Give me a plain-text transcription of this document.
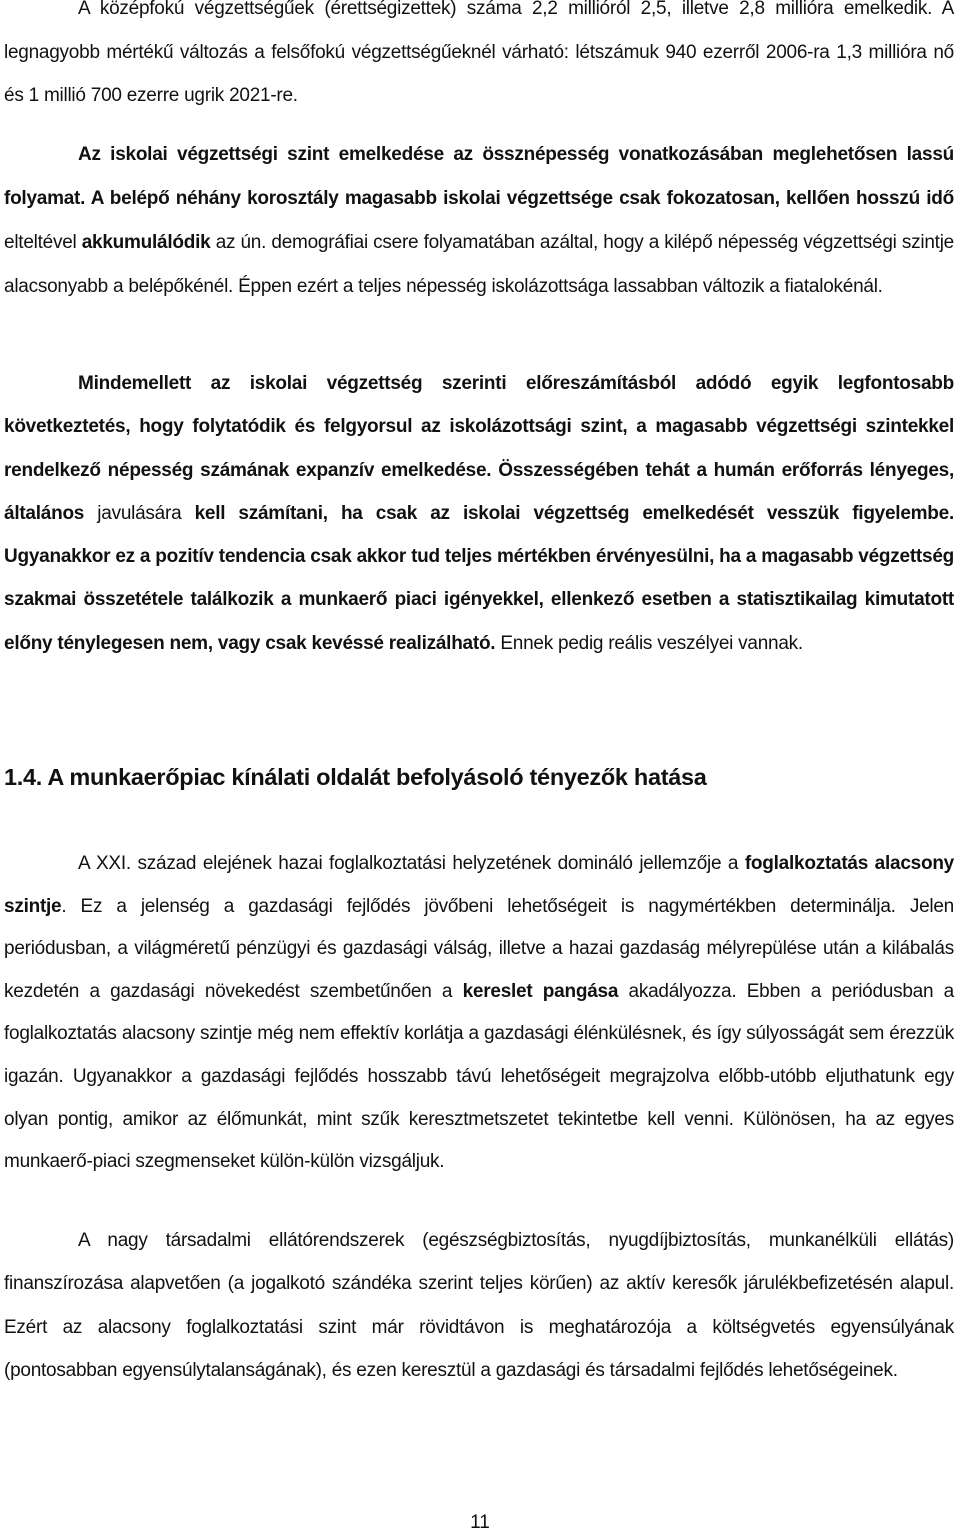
A középfokú végzettségűek (érettségizettek) száma 2,2 millióról 2,5, illetve 2,8 millióra emelkedik. A legnagyobb mértékű változás a felsőfokú végzettségűeknél várható: létszámuk 940 ezerről 2006-ra 1,3 millióra nő és 1 millió 700 ezerre ugrik 2021-re.

Az iskolai végzettségi szint emelkedése az össznépesség vonatkozásában meglehetősen lassú folyamat. A belépő néhány korosztály magasabb iskolai végzettsége csak fokozatosan, kellően hosszú idő elteltével akkumulálódik az ún. demográfiai csere folyamatában azáltal, hogy a kilépő népesség végzettségi szintje alacsonyabb a belépőkénél. Éppen ezért a teljes népesség iskolázottsága lassabban változik a fiatalokénál.

Mindemellett az iskolai végzettség szerinti előreszámításból adódó egyik legfontosabb következtetés, hogy folytatódik és felgyorsul az iskolázottsági szint, a magasabb végzettségi szintekkel rendelkező népesség számának expanzív emelkedése. Összességében tehát a humán erőforrás lényeges, általános javulására kell számítani, ha csak az iskolai végzettség emelkedését vesszük figyelembe. Ugyanakkor ez a pozitív tendencia csak akkor tud teljes mértékben érvényesülni, ha a magasabb végzettség szakmai összetétele találkozik a munkaerő piaci igényekkel, ellenkező esetben a statisztikailag kimutatott előny ténylegesen nem, vagy csak kevéssé realizálható. Ennek pedig reális veszélyei vannak.

1.4. A munkaerőpiac kínálati oldalát befolyásoló tényezők hatása

A XXI. század elejének hazai foglalkoztatási helyzetének domináló jellemzője a foglalkoztatás alacsony szintje. Ez a jelenség a gazdasági fejlődés jövőbeni lehetőségeit is nagymértékben determinálja. Jelen periódusban, a világméretű pénzügyi és gazdasági válság, illetve a hazai gazdaság mélyrepülése után a kilábalás kezdetén a gazdasági növekedést szembetűnően a kereslet pangása akadályozza. Ebben a periódusban a foglalkoztatás alacsony szintje még nem effektív korlátja a gazdasági élénkülésnek, és így súlyosságát sem érezzük igazán. Ugyanakkor a gazdasági fejlődés hosszabb távú lehetőségeit megrajzolva előbb-utóbb eljuthatunk egy olyan pontig, amikor az élőmunkát, mint szűk keresztmetszetet tekintetbe kell venni. Különösen, ha az egyes munkaerő-piaci szegmenseket külön-külön vizsgáljuk.

A nagy társadalmi ellátórendszerek (egészségbiztosítás, nyugdíjbiztosítás, munkanélküli ellátás) finanszírozása alapvetően (a jogalkotó szándéka szerint teljes körűen) az aktív keresők járulékbefizetésén alapul. Ezért az alacsony foglalkoztatási szint már rövidtávon is meghatározója a költségvetés egyensúlyának (pontosabban egyensúlytalanságának), és ezen keresztül a gazdasági és társadalmi fejlődés lehetőségeinek.

11
